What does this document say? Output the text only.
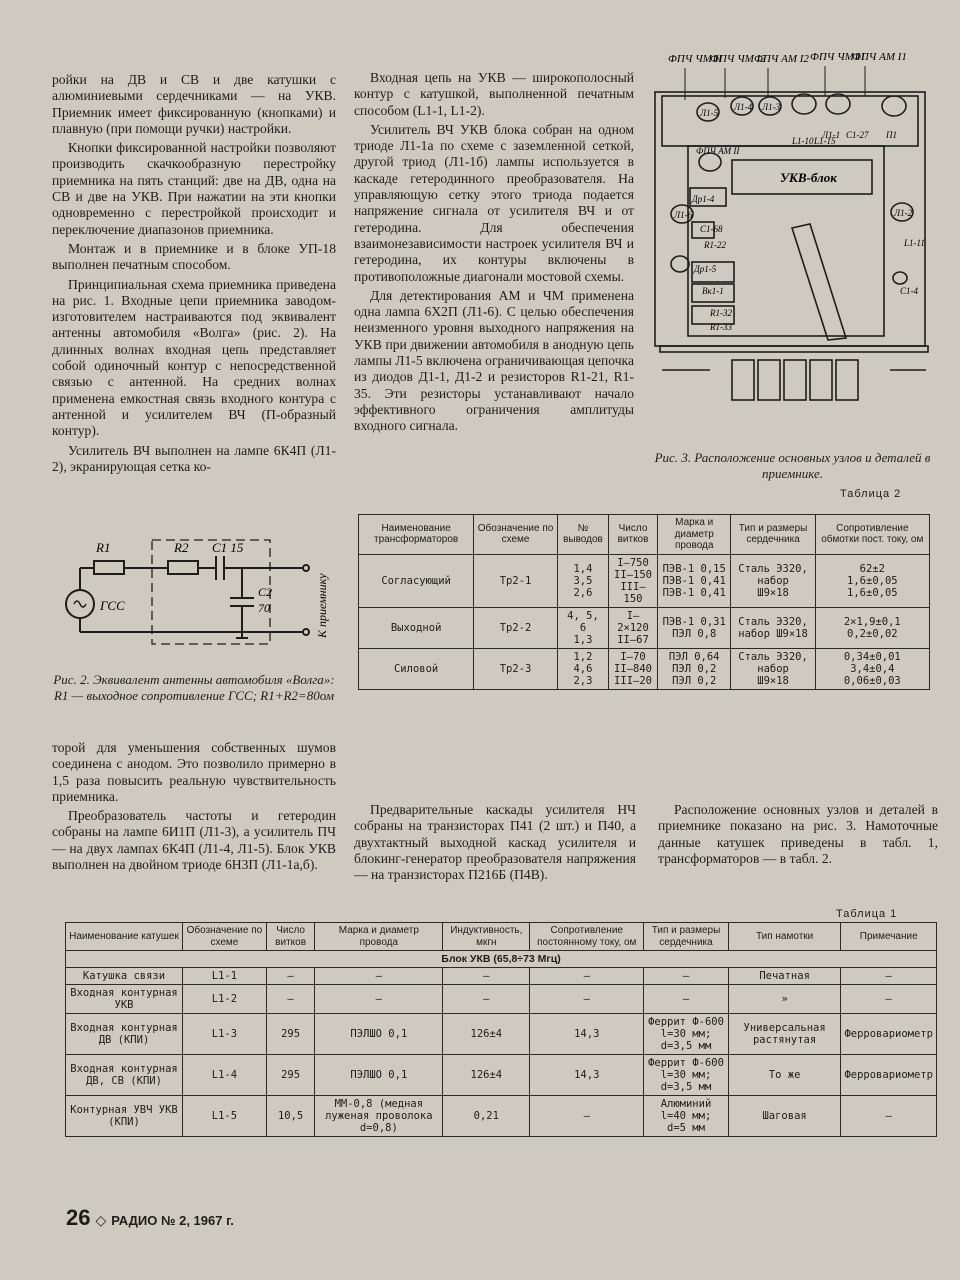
ройки на ДВ и СВ и две катушки с алюминиевыми сердечниками — на УКВ. Приемник имеет фиксированную (кнопками) и плавную (при помощи ручки) настройки.

Кнопки фиксированной настройки позволяют производить скачкообразную перестройку приемника на пять станций: две на ДВ, одна на СВ и две на УКВ. При нажатии на эти кнопки одновременно с перестройкой происходит и переключение диапазонов приемника.

Монтаж и в приемнике и в блоке УП-18 выполнен печатным способом.

Принципиальная схема приемника приведена на рис. 1. Входные цепи приемника заводом-изготовителем настраиваются под эквивалент антенны автомобиля «Волга» (рис. 2). На длинных волнах входная цепь представляет собой одиночный контур с непосредственной связью с антенной. На средних волнах применена емкостная связь входного контура с антенной и усилителем ВЧ (П-образный контур).

Усилитель ВЧ выполнен на лампе 6К4П (Л1-2), экранирующая сетка ко-

R1	R2 C1 15
C2
70
ГСС	К приемнику
Рис. 2. Эквивалент антенны автомобиля «Волга»: R1 — выходное сопротивление ГСС; R1+R2=80ом

торой для уменьшения собственных шумов соединена с анодом. Это позволило примерно в 1,5 раза повысить реальную чувствительность приемника.

Преобразователь частоты и гетеродин собраны на лампе 6И1П (Л1-3), а усилитель ПЧ — на двух лампах 6К4П (Л1-4, Л1-5). Блок УКВ выполнен на двойном триоде 6Н3П (Л1-1а,б).

Входная цепь на УКВ — широкополосный контур с катушкой, выполненной печатным способом (L1-1, L1-2).

Усилитель ВЧ УКВ блока собран на одном триоде Л1-1а по схеме с заземленной сеткой, другой триод (Л1-1б) лампы используется в каскаде гетеродинного преобразователя. На управляющую сетку этого триода подается напряжение сигнала от усилителя ВЧ и от гетеродина. Для обеспечения взаимонезависимости настроек усилителя ВЧ и гетеродина, их контуры включены в противоположные диагонали мостовой схемы.

Для детектирования АМ и ЧМ применена одна лампа 6Х2П (Л1-6). С целью обеспечения неизменного уровня выходного напряжения на УКВ при движении автомобиля в анодную цепь лампы Л1-5 включена ограничивающая цепочка из диодов Д1-1, Д1-2 и резисторов R1-21, R1-35. Эти резисторы устанавливают начало эффективного ограничения амплитуды входного сигнала.

ФПЧ ЧМ II
ФПЧ ЧМ I2
ФПЧ АМ I2 ФПЧ ЧМ I1
ФПЧ АМ I1
УКВ-блок
Л1-5
Л1-4 Л1-3
L1-10 L1-15
Л1-1 C1-27 П1
ФПЧ АМ II
Др1-4
R1-22
C1-68
Л1-6	Л1-2
L1-11
Др1-5
Вк1-1
R1-32
R1-33
C1-4
Рис. 3. Расположение основных узлов и деталей в приемнике.
Таблица 2
Наименование трансформаторов	Обозначение по схеме	№ выводов	Число витков	Марка и диаметр провода	Тип и размеры сердечника	Сопротивление обмотки пост. току, ом
Согласующий	Тр2-1	1,4
3,5
2,6	I—750
II—150
III—150	ПЭВ-1 0,15
ПЭВ-1 0,41
ПЭВ-1 0,41	Сталь Э320,
набор
Ш9×18	62±2
1,6±0,05
1,6±0,05
Выходной	Тр2-2	4, 5, 6
1,3	I—2×120
II—67	ПЭВ-1 0,31
ПЭЛ 0,8	Сталь Э320,
набор Ш9×18	2×1,9±0,1
0,2±0,02
Силовой	Тр2-3	1,2
4,6
2,3	I—70
II—840
III—20	ПЭЛ 0,64
ПЭЛ 0,2
ПЭЛ 0,2	Сталь Э320,
набор
Ш9×18	0,34±0,01
3,4±0,4
0,06±0,03

Предварительные каскады усилителя НЧ собраны на транзисторах П41 (2 шт.) и П40, а двухтактный выходной каскад усилителя и блокинг-генератор преобразователя напряжения — на транзисторах П216Б (П4В).

Расположение основных узлов и деталей в приемнике показано на рис. 3. Намоточные данные катушек приведены в табл. 1, трансформаторов — в табл. 2.

Таблица 1
Наименование катушек	Обозначение по схеме	Число витков	Марка и диаметр провода	Индуктивность, мкгн	Сопротивление постоянному току, ом	Тип и размеры сердечника	Тип намотки	Примечание
Блок УКВ (65,8÷73 Мгц)								
Катушка связи	L1-1	—	—	—	—	—	Печатная	—
Входная контурная УКВ	L1-2	—	—	—	—	—	»	—
Входная контурная ДВ (КПИ)	L1-3	295	ПЭЛШО 0,1	126±4	14,3	Феррит Ф-600
l=30 мм;
d=3,5 мм	Универсальная растянутая	Ферровариометр
Входная контурная ДВ, СВ (КПИ)	L1-4	295	ПЭЛШО 0,1	126±4	14,3	Феррит Ф-600
l=30 мм;
d=3,5 мм	То же	Ферровариометр
Контурная УВЧ УКВ (КПИ)	L1-5	10,5	ММ-0,8 (медная луженая проволока d=0,8)	0,21	—	Алюминий
l=40 мм;
d=5 мм	Шаговая	—
26 ◇ РАДИО № 2, 1967 г.
